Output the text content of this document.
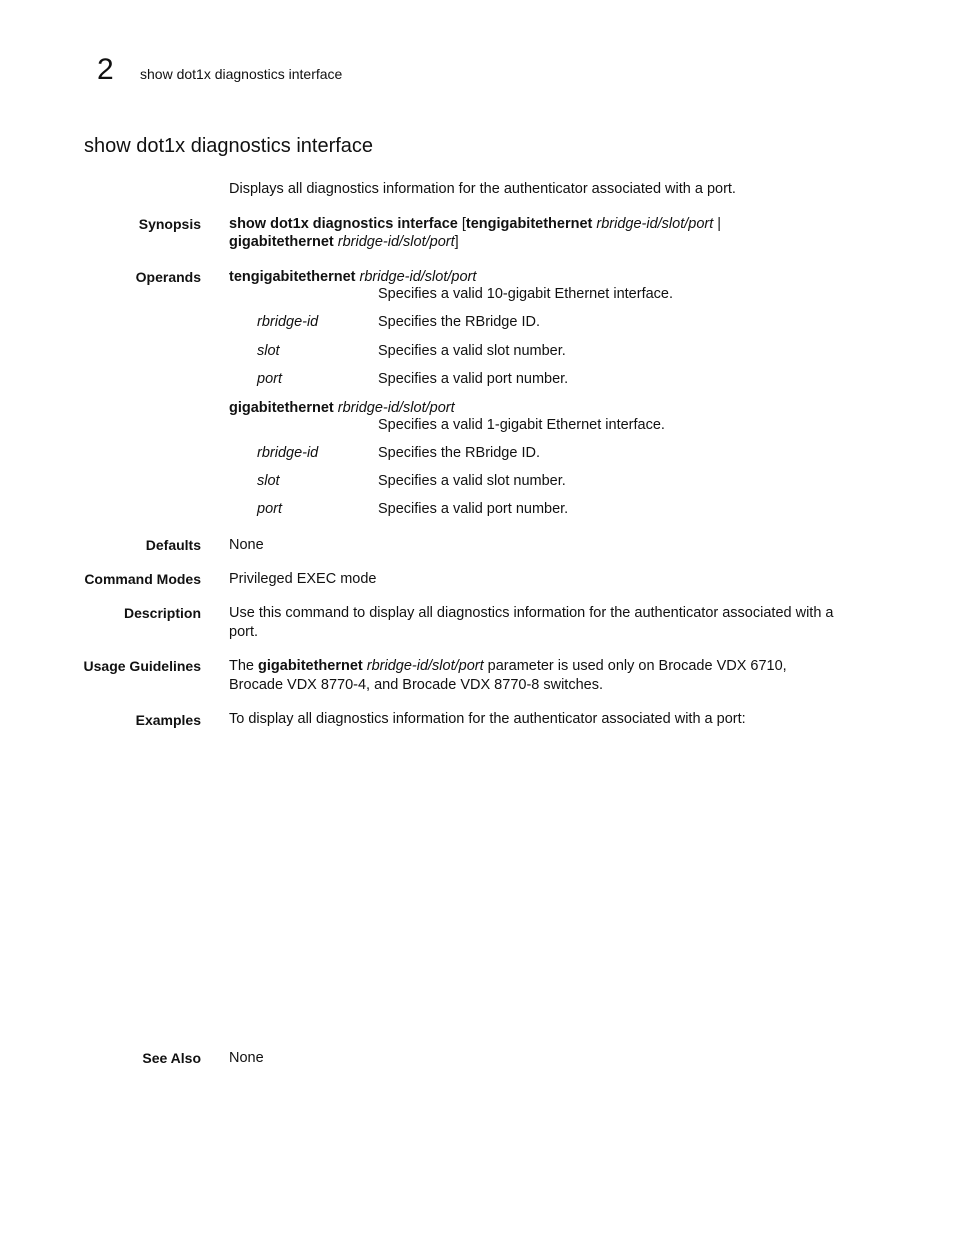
2 show dot1x diagnostics interface
show dot1x diagnostics interface
Displays all diagnostics information for the authenticator associated with a port.
Synopsis show dot1x diagnostics interface [tengigabitethernet rbridge-id/slot/port |
gigabitethernet rbridge-id/slot/port]
Operands tengigabitethernet rbridge-id/slot/port
Specifies a valid 10-gigabit Ethernet interface.
rbridge-id	Specifies the RBridge ID.
slot	Specifies a valid slot number.
port	Specifies a valid port number.
gigabitethernet rbridge-id/slot/port
Specifies a valid 1-gigabit Ethernet interface.
rbridge-id	Specifies the RBridge ID.
slot	Specifies a valid slot number.
port	Specifies a valid port number.
Defaults None
Command Modes Privileged EXEC mode
Description Use this command to display all diagnostics information for the authenticator associated with a port.
Usage Guidelines The gigabitethernet rbridge-id/slot/port parameter is used only on Brocade VDX 6710, Brocade VDX 8770-4, and Brocade VDX 8770-8 switches.
Examples To display all diagnostics information for the authenticator associated with a port:
See Also None
